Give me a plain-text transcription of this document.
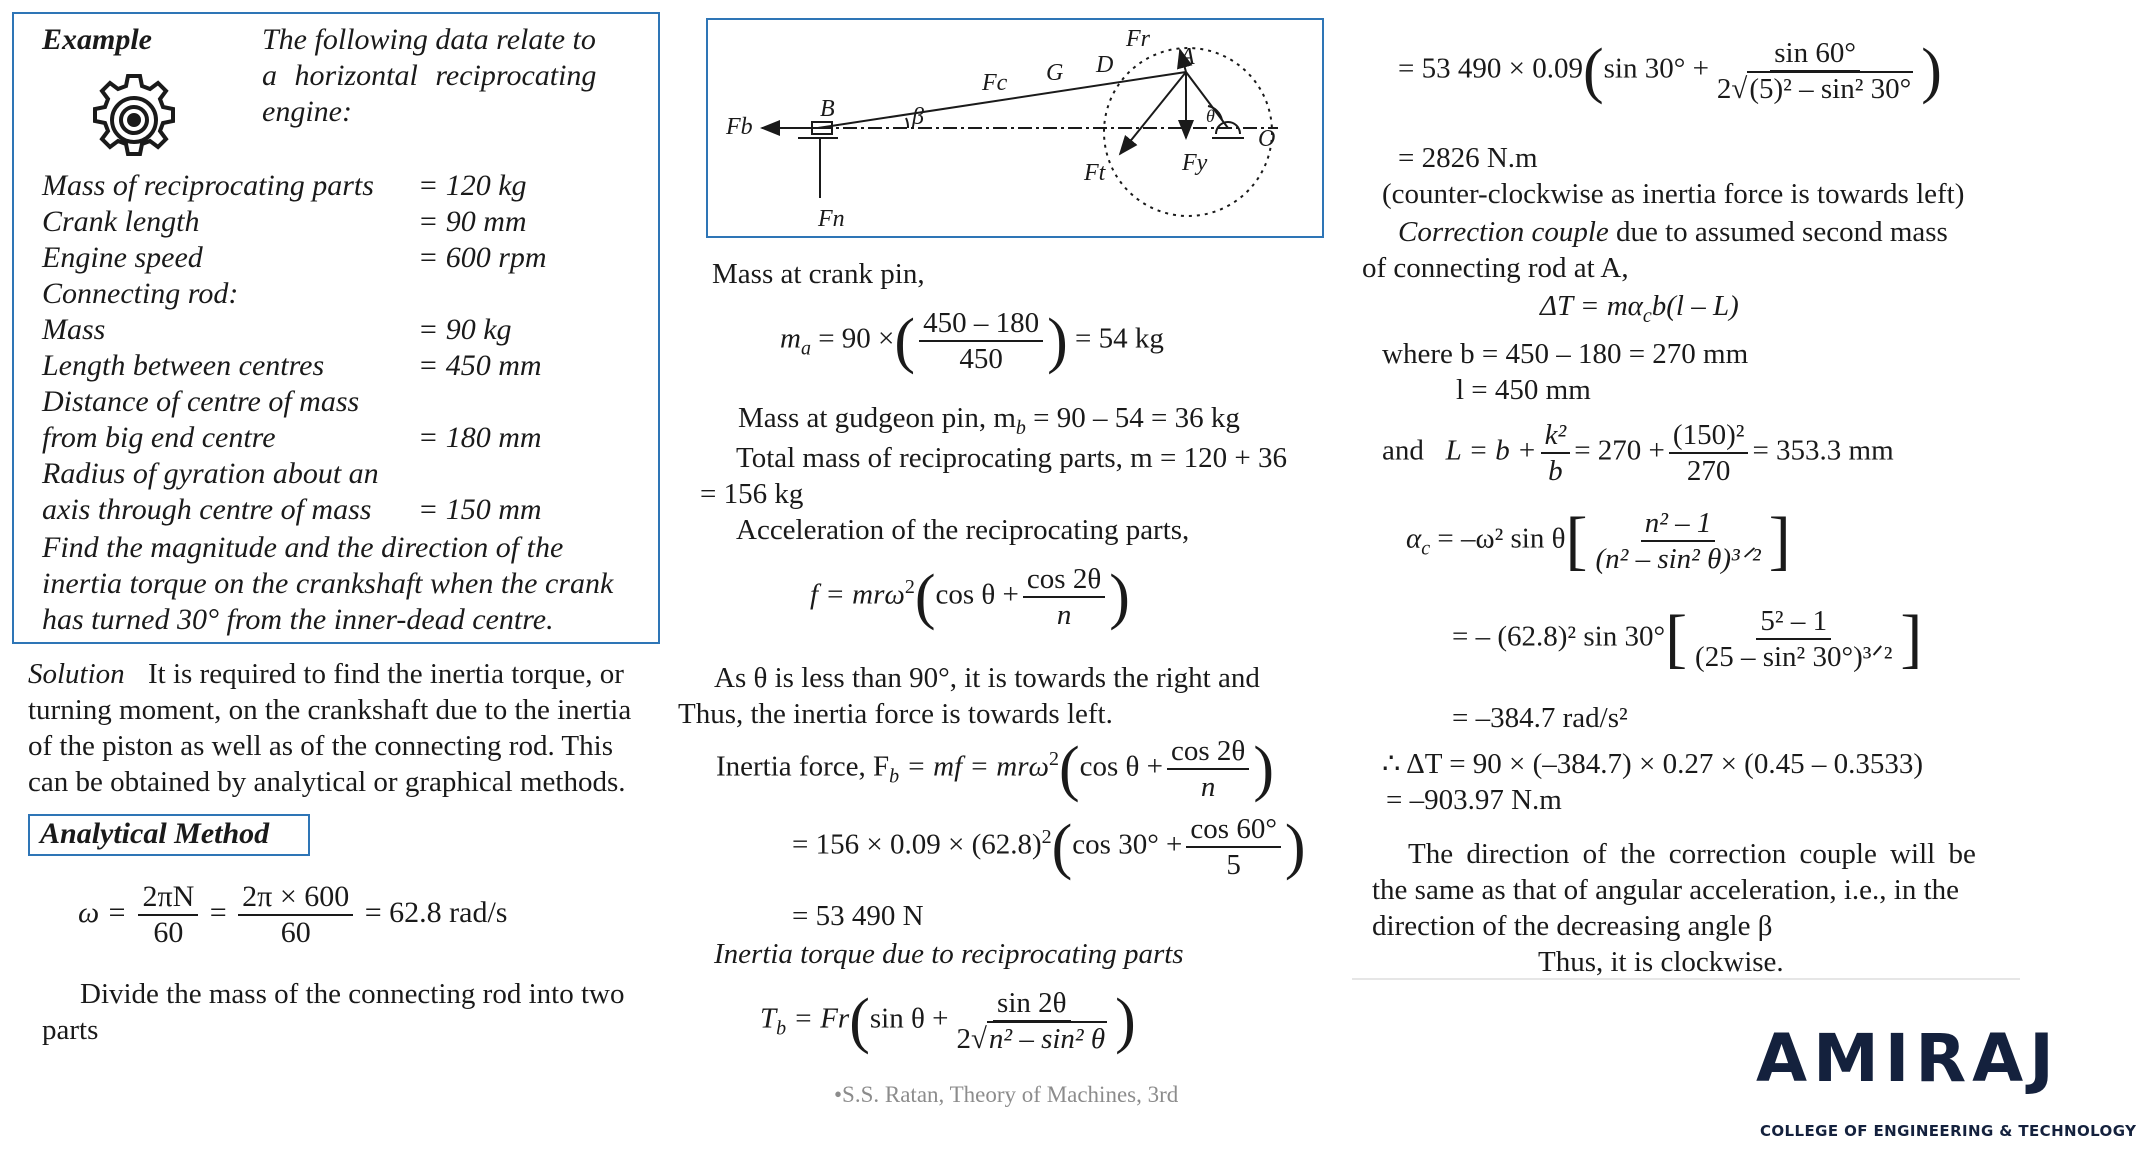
Example	The following data relate to
a horizontal reciprocating
engine:
Mass of reciprocating parts = 120 kg
Crank length	= 90 mm
Engine speed	= 600 rpm
Connecting rod:
Mass	= 90 kg
Length between centres	= 450 mm
Distance of centre of mass
from big end centre	= 180 mm
Radius of gyration about an
axis through centre of mass = 150 mm
Find the magnitude and the direction of the
inertia torque on the crankshaft when the crank
has turned 30° from the inner-dead centre.
Solution It is required to find the inertia torque, or
turning moment, on the crankshaft due to the inertia
of the piston as well as of the connecting rod. This
can be obtained by analytical or graphical methods.
Analytical Method
$\omega = \frac{2\pi N}{60} = \frac{2\pi \times 600}{60} = 62.8$ rad/s
Divide the mass of the connecting rod into two
parts
Fb
B
Fc G D
Fr
A
β	θ
O
Fn
Ft	Fy
Mass at crank pin,
$m_a = 90$ ×( $\frac{450 - 180}{450}$ ) = 54 kg
Mass at gudgeon pin, $m_b = 90 - 54 = 36$ kg
Total mass of reciprocating parts, m = 120 + 36
= 156 kg
Acceleration of the reciprocating parts,
f = mrω$^2$(cos $\theta + \frac{\cos 2\theta}{n}$ )
As θ is less than 90°, it is towards the right and
Thus, the inertia force is towards left.
Inertia force, $F_b$ = mf = mrω$^2$(cos $\theta + \frac{\cos 2\theta}{n}$ )
= $156 \times 0.09 \times (62.8)^2(\cos$ $30^\circ + \frac{\cos 60^\circ}{5}$ )
= 53 490 N
Inertia torque due to reciprocating parts
$T_b = Fr(\sin$ $\theta + \frac{\sin 2\theta}{\text{2√n² – sin² θ}}$ )
•S.S. Ratan, Theory of Machines, 3rd
= 53 490 × 0.09(sin $30^\circ + \frac{\sin 60^\circ}{\text{2√(5)² – sin² 30°}}$ )
= 2826 N.m
(counter-clockwise as inertia force is towards left)
Correction couple due to assumed second mass
of connecting rod at A,
$\Delta T = m\alpha_cb(l - L)$
where b = 450 – 180 = 270 mm
l = 450 mm
and $L = b + \frac{\text{k²}}{b} = 270 + \frac{\text{(150)²}}{270} = 353.3$ mm
$\alpha_c = -\omega^2$ $\sin \theta[ \frac{\text{n² – 1}}{\text{(n² – sin² θ)³ᐟ²}}$ ]
= – (62.8)² $\sin 30^\circ[ \frac{\text{5² – 1}}{\text{(25 – sin² 30°)³ᐟ²}}$ ]
= –384.7 rad/s²
∴ ΔT = 90 × (–384.7) × 0.27 × (0.45 – 0.3533)
= –903.97 N.m
The direction of the correction couple will be
the same as that of angular acceleration, i.e., in the
direction of the decreasing angle β
Thus, it is clockwise.
AMIRAJ
COLLEGE OF ENGINEERING & TECHNOLOGY
